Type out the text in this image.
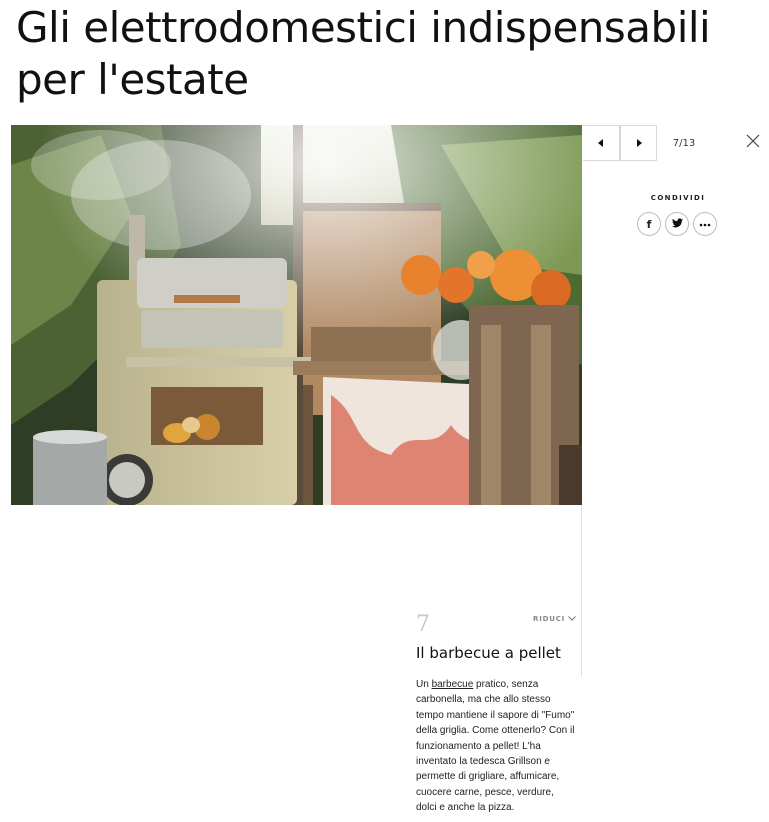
Gli elettrodomestici indispensabili per l'estate
7/13
CONDIVIDI
f
7	RIDUCI
Il barbecue a pellet

Un barbecue pratico, senza carbonella, ma che allo stesso tempo mantiene il sapore di "Fumo" della griglia. Come ottenerlo? Con il funzionamento a pellet! L'ha inventato la tedesca Grillson e permette di grigliare, affumicare, cuocere carne, pesce, verdure, dolci e anche la pizza.
